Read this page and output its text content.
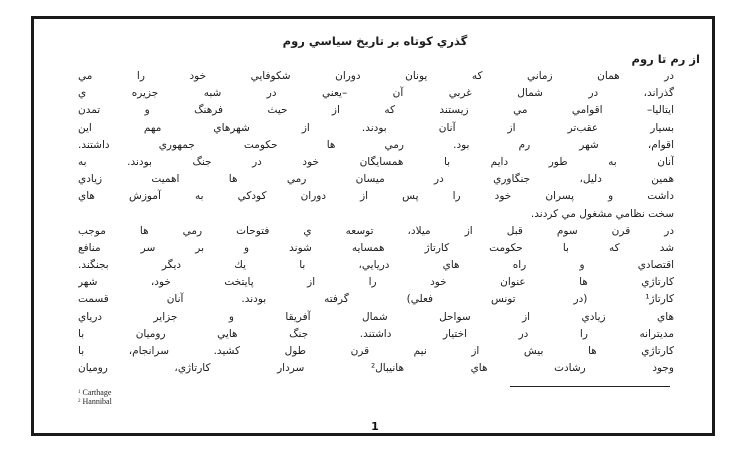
گذري كوتاه بر تاريخ سياسي روم
از رم تا روم
در همان زماني كه يونان دوران شكوفايي خود را مي
گذراند، در شمال غربي آن –يعني در شبه جزيره ي
ايتاليا– اقوامي مي زيستند كه از حيث فرهنگ و تمدن
بسيار عقب‌تر از آنان بودند. از شهرهاي مهم اين
اقوام، شهر رم بود. رمي ها حكومت جمهوري داشتند.
آنان به طور دايم با همسايگان خود در جنگ بودند. به
همين دليل، جنگاوري در ميسان رمي ها اهميت زيادي
داشت و پسران خود را پس از دوران كودكي به آموزش هاي
سخت نظامي مشغول مي كردند.
در قرن سوم قبل از ميلاد، توسعه ي فتوحات رمي ها موجب
شد كه با حكومت كارتاژ همسايه شوند و بر سر منافع
اقتصادي و راه هاي دريايي، با يك ديگر بجنگند.
كارتاژي ها عنوان خود را از پايتخت خود، شهر
كارتاژ¹ (در تونس فعلي) گرفته بودند. آنان قسمت
هاي زيادي از سواحل شمال آفريقا و جزاير درياي
مديترانه را در اختيار داشتند. جنگ هايي روميان با
كارتاژي ها بيش از نيم قرن طول كشيد. سرانجام، با
وجود رشادت هاي هانيبال² سردار كارتاژي، روميان
$^1$ Carthage
$^2$ Hannibal
1
